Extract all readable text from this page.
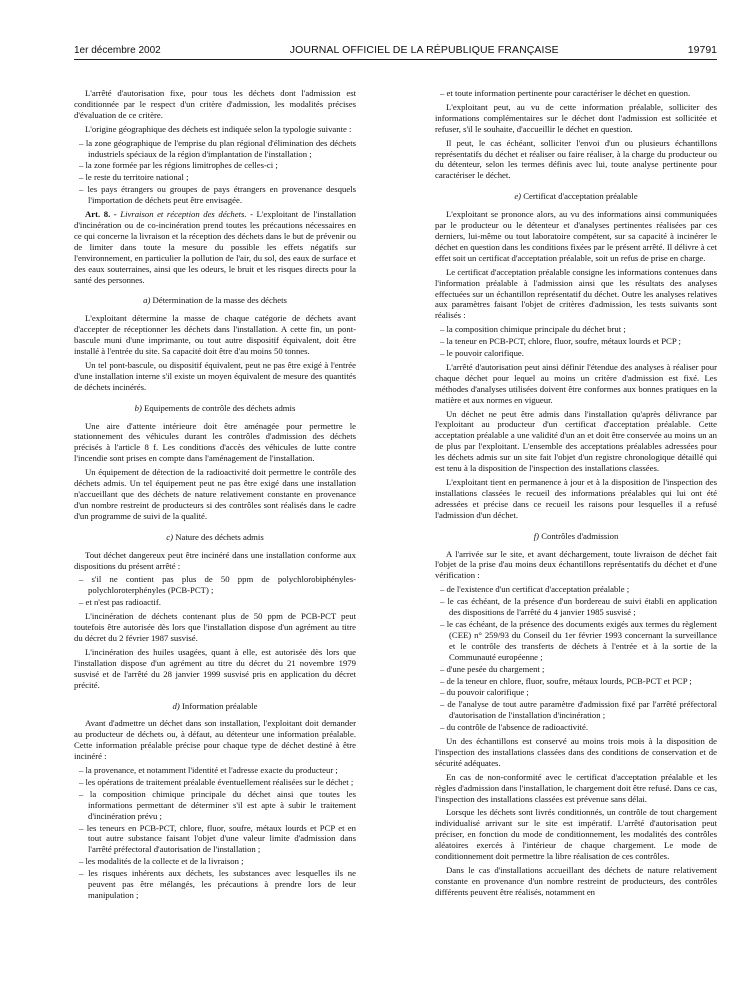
1er décembre 2002	JOURNAL OFFICIEL DE LA RÉPUBLIQUE FRANÇAISE	19791

L'arrêté d'autorisation fixe, pour tous les déchets dont l'admission est conditionnée par le respect d'un critère d'admission, les modalités précises d'évaluation de ce critère.

L'origine géographique des déchets est indiquée selon la typologie suivante :

– la zone géographique de l'emprise du plan régional d'élimination des déchets industriels spéciaux de la région d'implantation de l'installation ;
– la zone formée par les régions limitrophes de celles-ci ;
– le reste du territoire national ;
– les pays étrangers ou groupes de pays étrangers en provenance desquels l'importation de déchets peut être envisagée.

Art. 8. - Livraison et réception des déchets. - L'exploitant de l'installation d'incinération ou de co-incinération prend toutes les précautions nécessaires en ce qui concerne la livraison et la réception des déchets dans le but de prévenir ou de limiter dans toute la mesure du possible les effets négatifs sur l'environnement, en particulier la pollution de l'air, du sol, des eaux de surface et des eaux souterraines, ainsi que les odeurs, le bruit et les risques directs pour la santé des personnes.

a) Détermination de la masse des déchets

L'exploitant détermine la masse de chaque catégorie de déchets avant d'accepter de réceptionner les déchets dans l'installation. A cette fin, un pont-bascule muni d'une imprimante, ou tout autre dispositif équivalent, doit être installé à l'entrée du site. Sa capacité doit être d'au moins 50 tonnes.

Un tel pont-bascule, ou dispositif équivalent, peut ne pas être exigé à l'entrée d'une installation interne s'il existe un moyen équivalent de mesure des quantités de déchets incinérés.

b) Equipements de contrôle des déchets admis

Une aire d'attente intérieure doit être aménagée pour permettre le stationnement des véhicules durant les contrôles d'admission des déchets précisés à l'article 8 f. Les conditions d'accès des véhicules de lutte contre l'incendie sont prises en compte dans l'aménagement de l'installation.

Un équipement de détection de la radioactivité doit permettre le contrôle des déchets admis. Un tel équipement peut ne pas être exigé dans une installation n'accueillant que des déchets de nature relativement constante en provenance d'un nombre restreint de producteurs si des contrôles sont réalisés dans le cadre d'un programme de suivi de la qualité.

c) Nature des déchets admis

Tout déchet dangereux peut être incinéré dans une installation conforme aux dispositions du présent arrêté :

– s'il ne contient pas plus de 50 ppm de polychlorobiphényles-polychloroterphényles (PCB-PCT) ;
– et n'est pas radioactif.

L'incinération de déchets contenant plus de 50 ppm de PCB-PCT peut toutefois être autorisée dès lors que l'installation dispose d'un agrément au titre du décret du 2 février 1987 susvisé.

L'incinération des huiles usagées, quant à elle, est autorisée dès lors que l'installation dispose d'un agrément au titre du décret du 21 novembre 1979 susvisé et de l'arrêté du 28 janvier 1999 susvisé pris en application du décret précité.

d) Information préalable

Avant d'admettre un déchet dans son installation, l'exploitant doit demander au producteur de déchets ou, à défaut, au détenteur une information préalable. Cette information préalable précise pour chaque type de déchet destiné à être incinéré :

– la provenance, et notamment l'identité et l'adresse exacte du producteur ;
– les opérations de traitement préalable éventuellement réalisées sur le déchet ;
– la composition chimique principale du déchet ainsi que toutes les informations permettant de déterminer s'il est apte à subir le traitement d'incinération prévu ;
– les teneurs en PCB-PCT, chlore, fluor, soufre, métaux lourds et PCP et en tout autre substance faisant l'objet d'une valeur limite d'admission dans l'arrêté préfectoral d'autorisation de l'installation ;
– les modalités de la collecte et de la livraison ;
– les risques inhérents aux déchets, les substances avec lesquelles ils ne peuvent pas être mélangés, les précautions à prendre lors de leur manipulation ;
– et toute information pertinente pour caractériser le déchet en question.

L'exploitant peut, au vu de cette information préalable, solliciter des informations complémentaires sur le déchet dont l'admission est sollicitée et refuser, s'il le souhaite, d'accueillir le déchet en question.

Il peut, le cas échéant, solliciter l'envoi d'un ou plusieurs échantillons représentatifs du déchet et réaliser ou faire réaliser, à la charge du producteur ou du détenteur, selon les termes définis avec lui, toute analyse pertinente pour caractériser le déchet.

e) Certificat d'acceptation préalable

L'exploitant se prononce alors, au vu des informations ainsi communiquées par le producteur ou le détenteur et d'analyses pertinentes réalisées par ces derniers, lui-même ou tout laboratoire compétent, sur sa capacité à incinérer le déchet en question dans les conditions fixées par le présent arrêté. Il délivre à cet effet soit un certificat d'acceptation préalable, soit un refus de prise en charge.

Le certificat d'acceptation préalable consigne les informations contenues dans l'information préalable à l'admission ainsi que les résultats des analyses effectuées sur un échantillon représentatif du déchet. Outre les analyses relatives aux paramètres faisant l'objet de critères d'admission, les tests suivants sont réalisés :

– la composition chimique principale du déchet brut ;
– la teneur en PCB-PCT, chlore, fluor, soufre, métaux lourds et PCP ;
– le pouvoir calorifique.

L'arrêté d'autorisation peut ainsi définir l'étendue des analyses à réaliser pour chaque déchet pour lequel au moins un critère d'admission est fixé. Les méthodes d'analyses utilisées doivent être conformes aux bonnes pratiques en la matière et aux normes en vigueur.

Un déchet ne peut être admis dans l'installation qu'après délivrance par l'exploitant au producteur d'un certificat d'acceptation préalable. Cette acceptation préalable a une validité d'un an et doit être conservée au moins un an de plus par l'exploitant. L'ensemble des acceptations préalables adressées pour les déchets admis sur un site fait l'objet d'un registre chronologique détaillé qui est tenu à la disposition de l'inspection des installations classées.

L'exploitant tient en permanence à jour et à la disposition de l'inspection des installations classées le recueil des informations préalables qui lui ont été adressées et précise dans ce recueil les raisons pour lesquelles il a refusé l'admission d'un déchet.

f) Contrôles d'admission

A l'arrivée sur le site, et avant déchargement, toute livraison de déchet fait l'objet de la prise d'au moins deux échantillons représentatifs du déchet et d'une vérification :

– de l'existence d'un certificat d'acceptation préalable ;
– le cas échéant, de la présence d'un bordereau de suivi établi en application des dispositions de l'arrêté du 4 janvier 1985 susvisé ;
– le cas échéant, de la présence des documents exigés aux termes du règlement (CEE) n° 259/93 du Conseil du 1er février 1993 concernant la surveillance et le contrôle des transferts de déchets à l'entrée et à la sortie de la Communauté européenne ;
– d'une pesée du chargement ;
– de la teneur en chlore, fluor, soufre, métaux lourds, PCB-PCT et PCP ;
– du pouvoir calorifique ;
– de l'analyse de tout autre paramètre d'admission fixé par l'arrêté préfectoral d'autorisation de l'installation d'incinération ;
– du contrôle de l'absence de radioactivité.

Un des échantillons est conservé au moins trois mois à la disposition de l'inspection des installations classées dans des conditions de conservation et de sécurité adéquates.

En cas de non-conformité avec le certificat d'acceptation préalable et les règles d'admission dans l'installation, le chargement doit être refusé. Dans ce cas, l'inspection des installations classées est prévenue sans délai.

Lorsque les déchets sont livrés conditionnés, un contrôle de tout chargement individualisé arrivant sur le site est impératif. L'arrêté d'autorisation peut préciser, en fonction du mode de conditionnement, les modalités des contrôles aléatoires exercés à l'intérieur de chaque chargement. Le mode de conditionnement doit permettre la libre réalisation de ces contrôles.

Dans le cas d'installations accueillant des déchets de nature relativement constante en provenance d'un nombre restreint de producteurs, des contrôles différents peuvent être réalisés, notamment en
